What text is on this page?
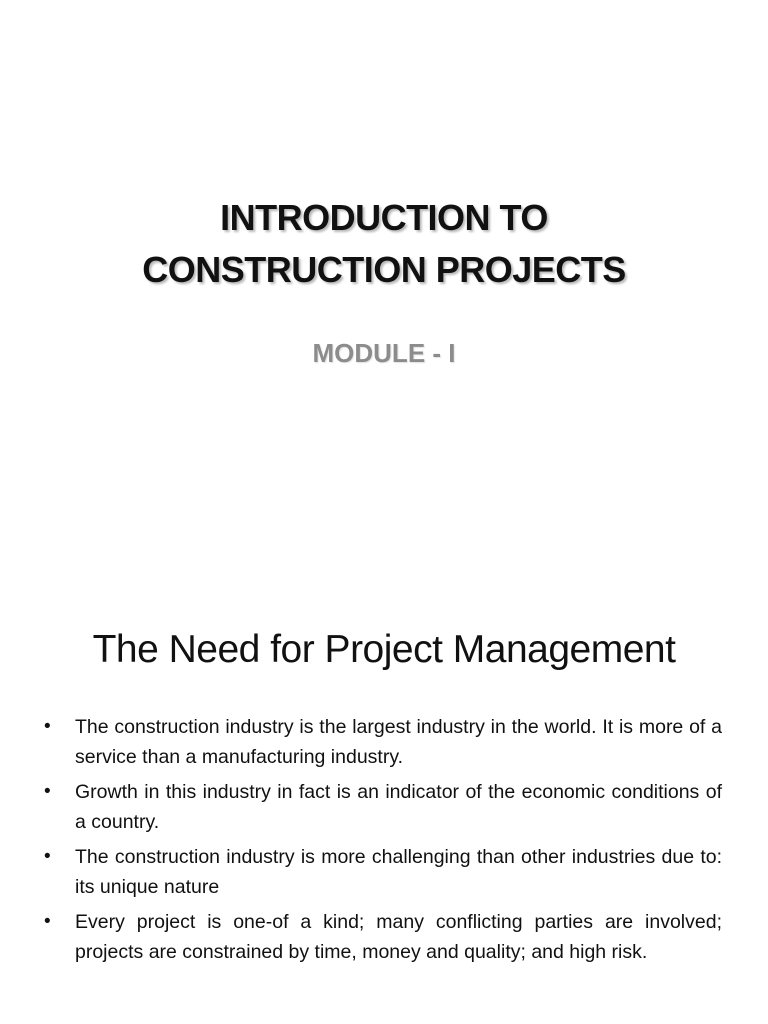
INTRODUCTION TO
CONSTRUCTION PROJECTS
MODULE - I
The Need for Project Management
• The construction industry is the largest industry in the world. It is more of a service than a manufacturing industry.
• Growth in this industry in fact is an indicator of the economic conditions of a country.
• The construction industry is more challenging than other industries due to: its unique nature
• Every project is one-of a kind; many conflicting parties are involved; projects are constrained by time, money and quality; and high risk.
